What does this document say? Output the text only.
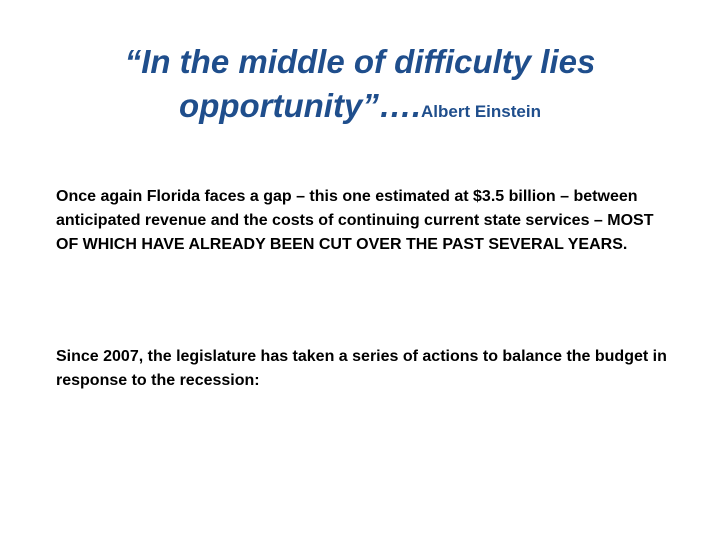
“In the middle of difficulty lies opportunity”….Albert Einstein
Once again Florida faces a gap – this one estimated at $3.5 billion – between anticipated revenue and the costs of continuing current state services – MOST OF WHICH HAVE ALREADY BEEN CUT OVER THE PAST SEVERAL YEARS.
Since 2007, the legislature has taken a series of actions to balance the budget in response to the recession:
